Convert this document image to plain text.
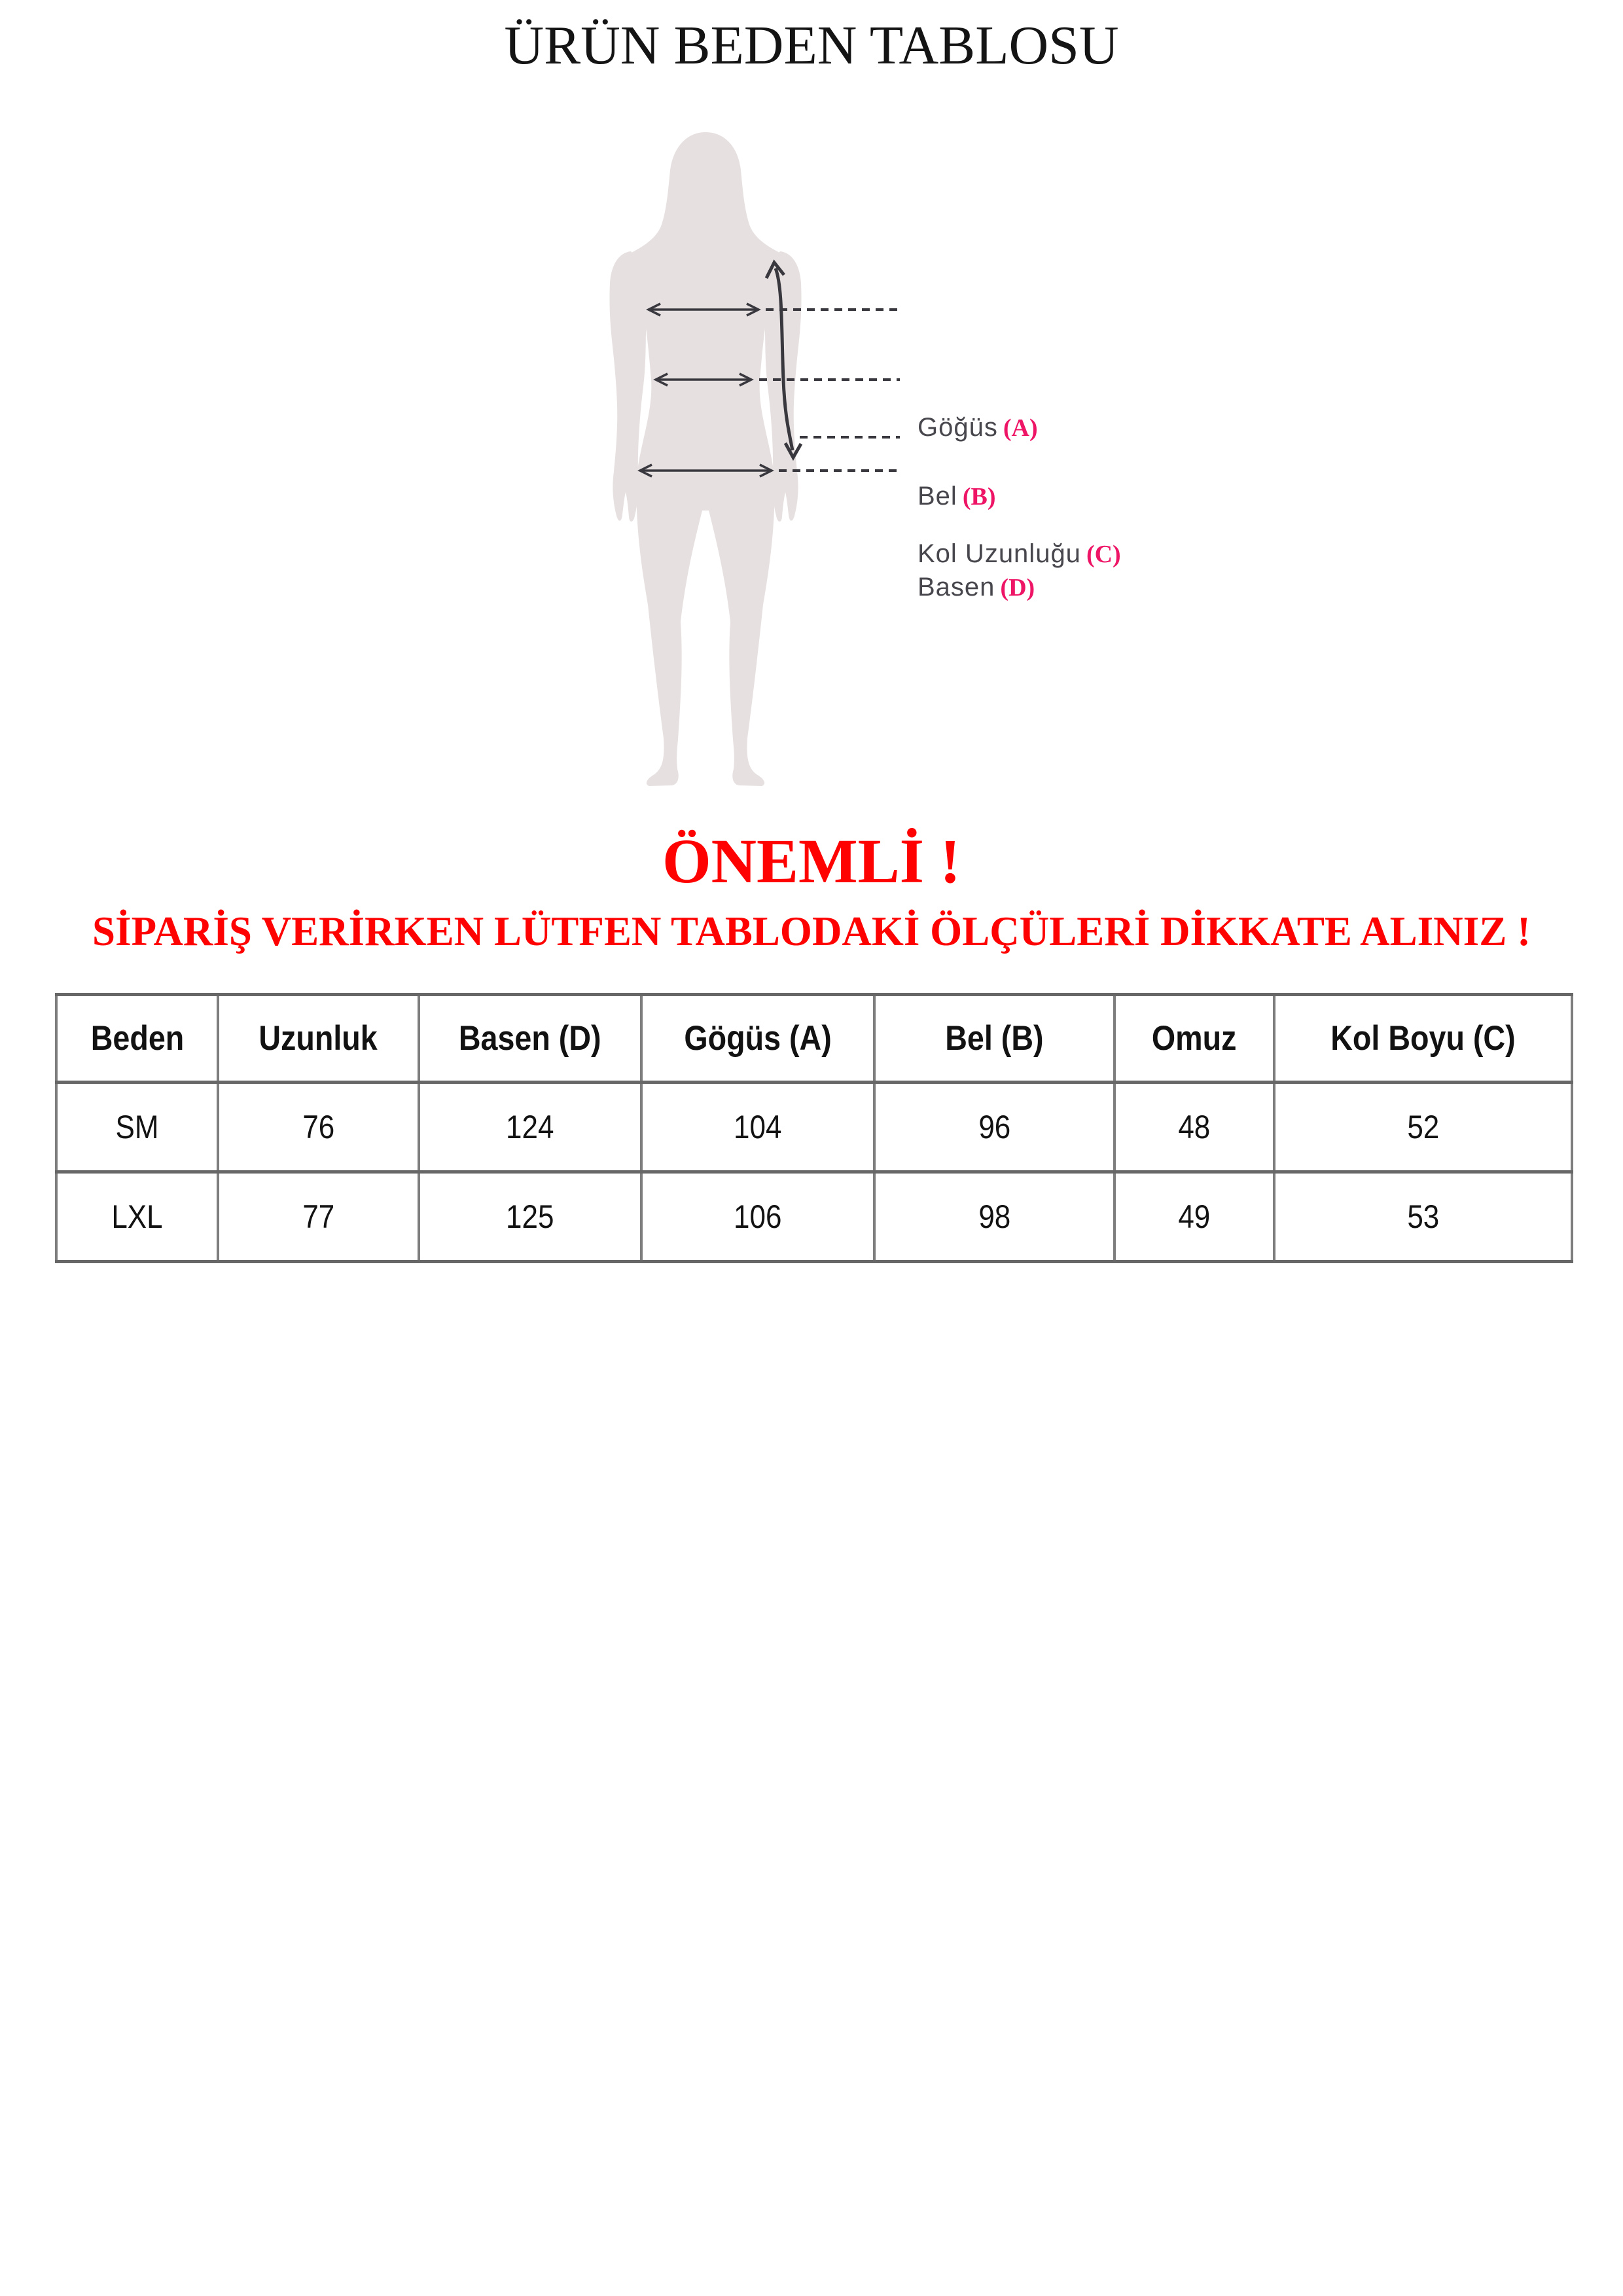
ÜRÜN BEDEN TABLOSU
Göğüs (A)
Bel (B)
Kol Uzunluğu (C)
Basen (D)
ÖNEMLİ !
SİPARİŞ VERİRKEN LÜTFEN TABLODAKİ ÖLÇÜLERİ DİKKATE ALINIZ !
Beden	Uzunluk	Basen (D)	Gögüs (A)	Bel (B)	Omuz	Kol Boyu (C)
SM	76	124	104	96	48	52
LXL	77	125	106	98	49	53
